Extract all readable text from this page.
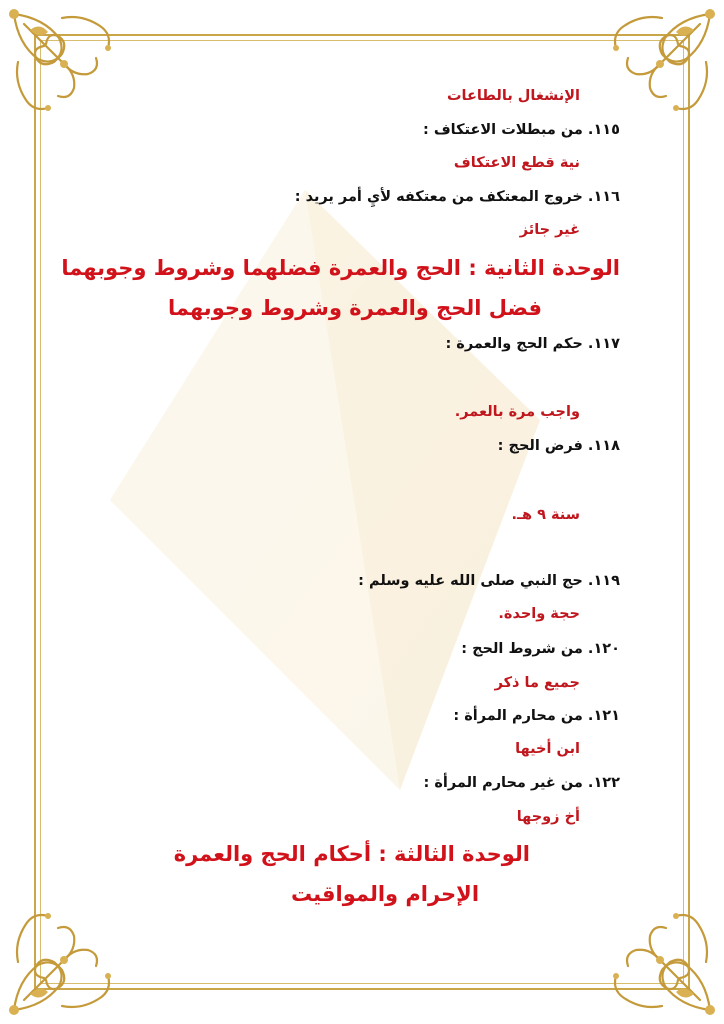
الإنشغال بالطاعات
١١٥. من مبطلات الاعتكاف :
نية قطع الاعتكاف
١١٦. خروج المعتكف من معتكفه لأيِ أمر يريد :
غير جائز
الوحدة الثانية : الحج والعمرة فضلهما وشروط وجوبهما
فضل الحج والعمرة وشروط وجوبهما
١١٧. حكم الحج والعمرة :
واجب مرة بالعمر.
١١٨. فرض الحج :
سنة ٩ هـ.
١١٩. حج النبي صلى الله عليه وسلم :
حجة واحدة.
١٢٠. من شروط الحج :
جميع ما ذكر
١٢١. من محارم المرأة :
ابن أخيها
١٢٢. من غير محارم المرأة :
أخ زوجها
الوحدة الثالثة : أحكام الحج والعمرة
الإحرام والمواقيت
